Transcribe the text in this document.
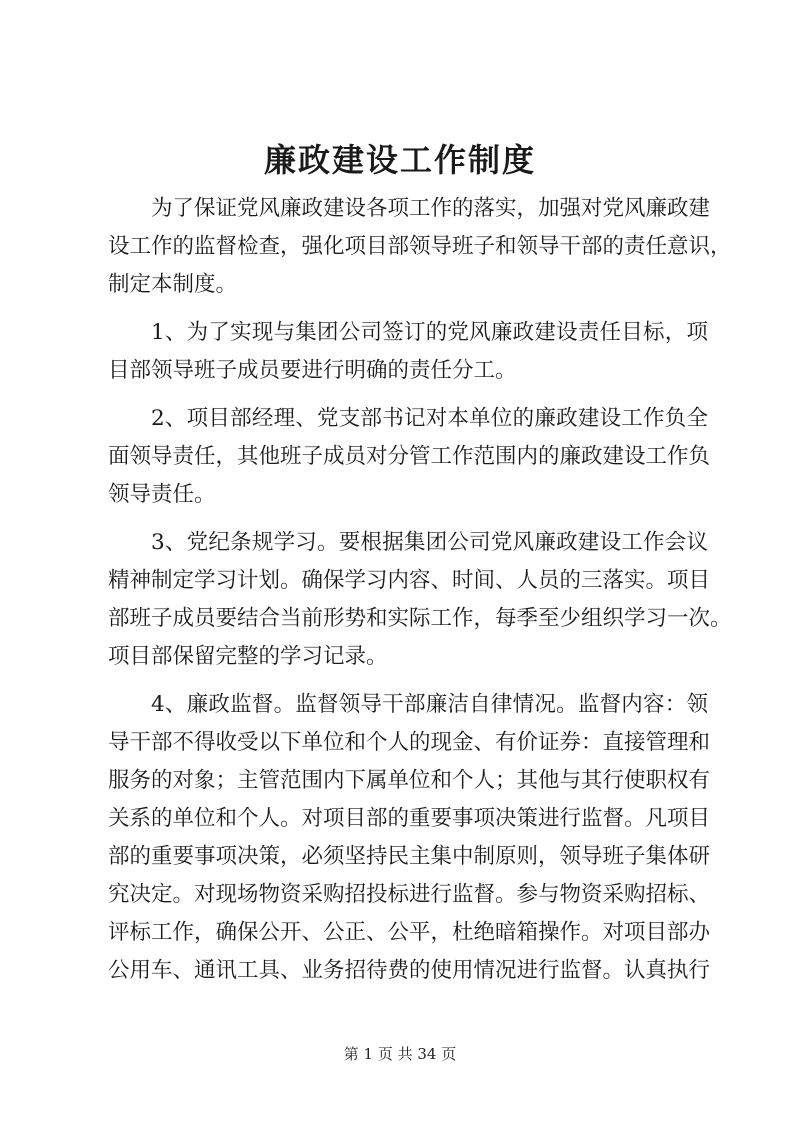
廉政建设工作制度
为了保证党风廉政建设各项工作的落实，加强对党风廉政建
设工作的监督检查，强化项目部领导班子和领导干部的责任意识，
制定本制度。
1、为了实现与集团公司签订的党风廉政建设责任目标，项
目部领导班子成员要进行明确的责任分工。
2、项目部经理、党支部书记对本单位的廉政建设工作负全
面领导责任，其他班子成员对分管工作范围内的廉政建设工作负
领导责任。
3、党纪条规学习。要根据集团公司党风廉政建设工作会议
精神制定学习计划。确保学习内容、时间、人员的三落实。项目
部班子成员要结合当前形势和实际工作，每季至少组织学习一次。
项目部保留完整的学习记录。
4、廉政监督。监督领导干部廉洁自律情况。监督内容：领
导干部不得收受以下单位和个人的现金、有价证券：直接管理和
服务的对象；主管范围内下属单位和个人；其他与其行使职权有
关系的单位和个人。对项目部的重要事项决策进行监督。凡项目
部的重要事项决策，必须坚持民主集中制原则，领导班子集体研
究决定。对现场物资采购招投标进行监督。参与物资采购招标、
评标工作，确保公开、公正、公平，杜绝暗箱操作。对项目部办
公用车、通讯工具、业务招待费的使用情况进行监督。认真执行
第 1 页 共 34 页
